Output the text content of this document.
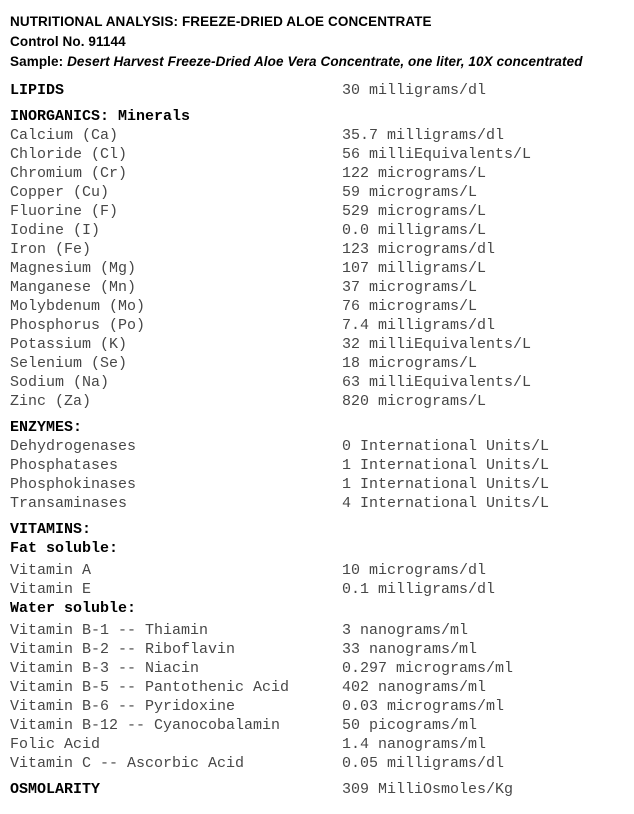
NUTRITIONAL ANALYSIS: FREEZE-DRIED ALOE CONCENTRATE
Control No. 91144
Sample: Desert Harvest Freeze-Dried Aloe Vera Concentrate, one liter, 10X concentrated
LIPIDS	30 milligrams/dl
INORGANICS: Minerals
Calcium (Ca)	35.7 milligrams/dl
Chloride (Cl)	56 milliEquivalents/L
Chromium (Cr)	122 micrograms/L
Copper (Cu)	59 micrograms/L
Fluorine (F)	529 micrograms/L
Iodine (I)	0.0 milligrams/L
Iron (Fe)	123 micrograms/dl
Magnesium (Mg)	107 milligrams/L
Manganese (Mn)	37 micrograms/L
Molybdenum (Mo)	76 micrograms/L
Phosphorus (Po)	7.4 milligrams/dl
Potassium (K)	32 milliEquivalents/L
Selenium (Se)	18 micrograms/L
Sodium (Na)	63 milliEquivalents/L
Zinc (Za)	820 micrograms/L
ENZYMES:
Dehydrogenases	0 International Units/L
Phosphatases	1 International Units/L
Phosphokinases	1 International Units/L
Transaminases	4 International Units/L
VITAMINS:
Fat soluble:
Vitamin A	10 micrograms/dl
Vitamin E	0.1 milligrams/dl
Water soluble:
Vitamin B-1 -- Thiamin	3 nanograms/ml
Vitamin B-2 -- Riboflavin	33 nanograms/ml
Vitamin B-3 -- Niacin	0.297 micrograms/ml
Vitamin B-5 -- Pantothenic Acid	402 nanograms/ml
Vitamin B-6 -- Pyridoxine	0.03 micrograms/ml
Vitamin B-12 -- Cyanocobalamin	50 picograms/ml
Folic Acid	1.4 nanograms/ml
Vitamin C -- Ascorbic Acid	0.05 milligrams/dl
OSMOLARITY	309 MilliOsmoles/Kg
